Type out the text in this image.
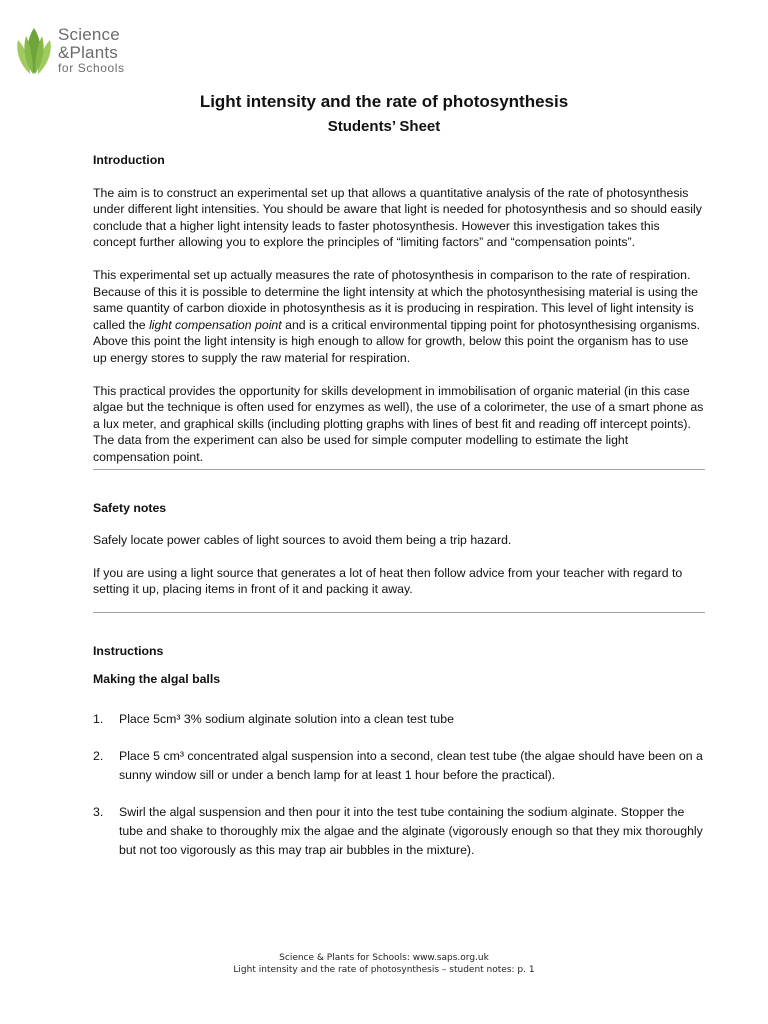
Science
&Plants
for Schools
Light intensity and the rate of photosynthesis
Students’ Sheet

Introduction

The aim is to construct an experimental set up that allows a quantitative analysis of the rate of photosynthesis under different light intensities. You should be aware that light is needed for photosynthesis and so should easily conclude that a higher light intensity leads to faster photosynthesis. However this investigation takes this concept further allowing you to explore the principles of “limiting factors” and “compensation points”.

This experimental set up actually measures the rate of photosynthesis in comparison to the rate of respiration. Because of this it is possible to determine the light intensity at which the photosynthesising material is using the same quantity of carbon dioxide in photosynthesis as it is producing in respiration. This level of light intensity is called the light compensation point and is a critical environmental tipping point for photosynthesising organisms. Above this point the light intensity is high enough to allow for growth, below this point the organism has to use up energy stores to supply the raw material for respiration.

This practical provides the opportunity for skills development in immobilisation of organic material (in this case algae but the technique is often used for enzymes as well), the use of a colorimeter, the use of a smart phone as a lux meter, and graphical skills (including plotting graphs with lines of best fit and reading off intercept points). The data from the experiment can also be used for simple computer modelling to estimate the light compensation point.

Safety notes

Safely locate power cables of light sources to avoid them being a trip hazard.

If you are using a light source that generates a lot of heat then follow advice from your teacher with regard to setting it up, placing items in front of it and packing it away.

Instructions

Making the algal balls

1. Place 5cm³ 3% sodium alginate solution into a clean test tube
2. Place 5 cm³ concentrated algal suspension into a second, clean test tube (the algae should have been on a sunny window sill or under a bench lamp for at least 1 hour before the practical).
3. Swirl the algal suspension and then pour it into the test tube containing the sodium alginate. Stopper the tube and shake to thoroughly mix the algae and the alginate (vigorously enough so that they mix thoroughly but not too vigorously as this may trap air bubbles in the mixture).
Science & Plants for Schools: www.saps.org.uk
Light intensity and the rate of photosynthesis – student notes: p. 1
